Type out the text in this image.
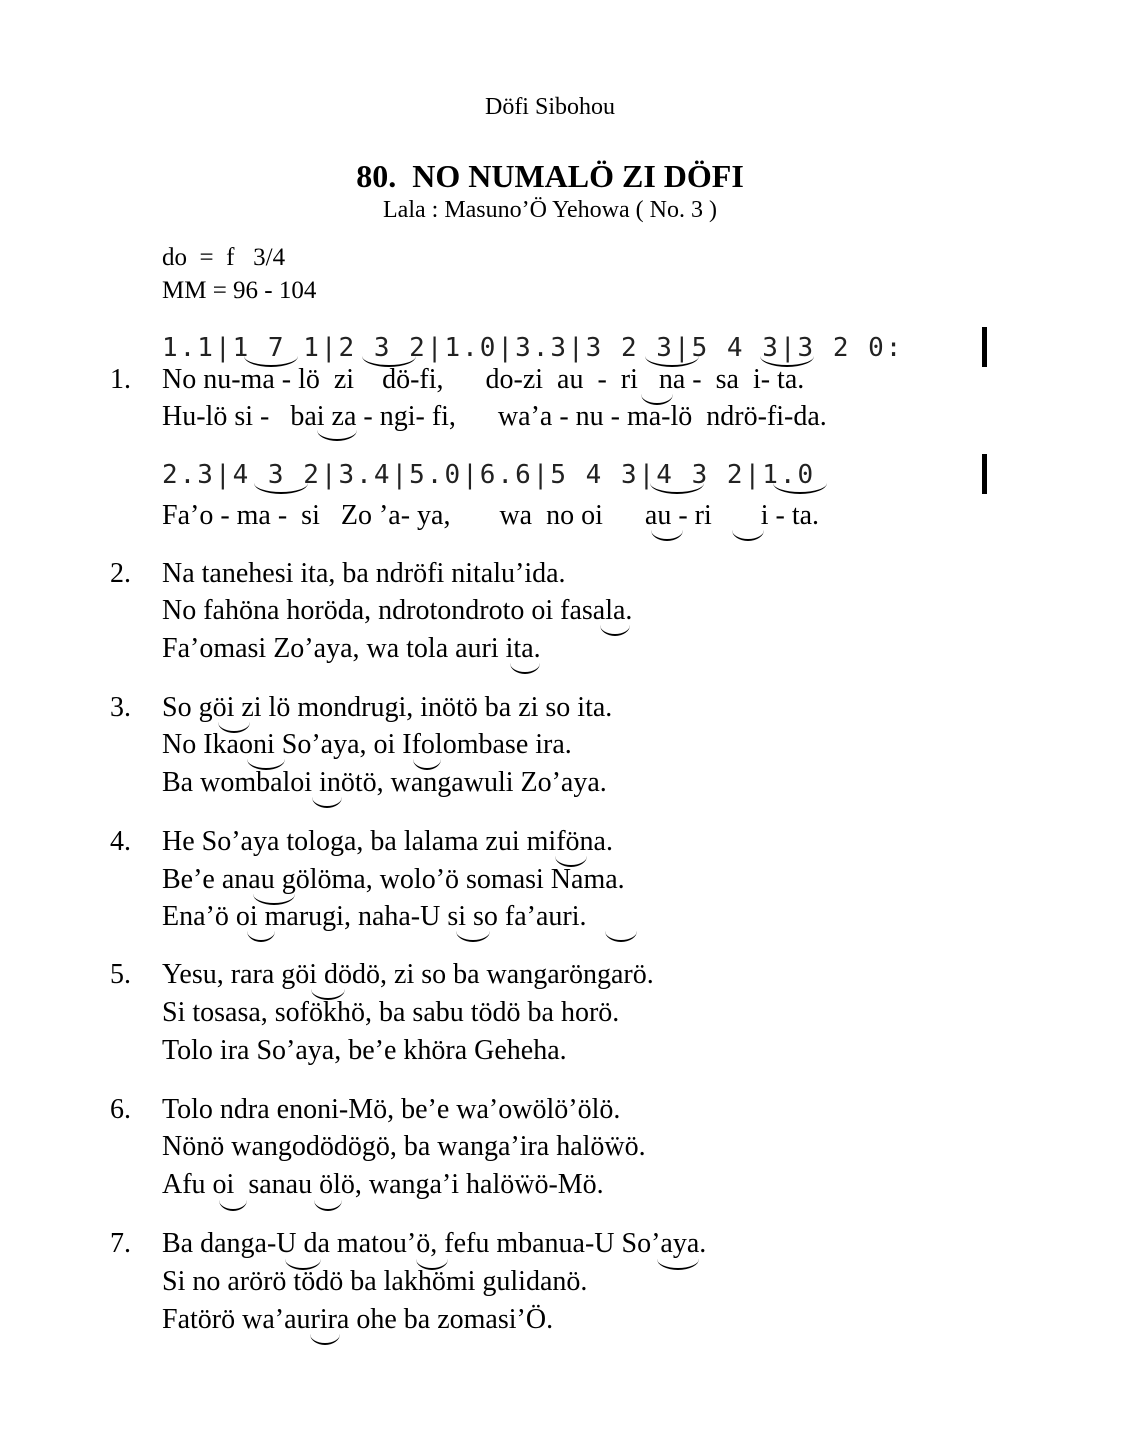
Döfi Sibohou
80.  NO NUMALÖ ZI DÖFI
Lala : Masuno’Ö Yehowa ( No. 3 )
do  =  f   3/4
MM = 96 - 104
1.1|1 7 1|2 3 2|1.0|3.3|3 2 3|5 4 3|3 2 0:
1. No nu-ma - lö  zi    dö-fi,      do-zi  au  -  ri   na -  sa  i- ta.
Hu-lö si -   bai za - ngi- fi,      wa’a - nu - ma-lö  ndrö-fi-da.
2.3|4 3 2|3.4|5.0|6.6|5 4 3|4 3 2|1.0
Fa’o - ma -  si   Zo ’a- ya,       wa  no oi      au - ri       i - ta.
2. Na tanehesi ita, ba ndröfi nitalu’ida.
No fahöna horöda, ndrotondroto oi fasala.
Fa’omasi Zo’aya, wa tola auri ita.
3. So göi zi lö mondrugi, inötö ba zi so ita.
No Ikaoni So’aya, oi Ifolombase ira.
Ba wombaloi inötö, wangawuli Zo’aya.
4. He So’aya tologa, ba lalama zui miföna.
Be’e anau gölöma, wolo’ö somasi Nama.
Ena’ö oi marugi, naha-U si so fa’auri.
5. Yesu, rara göi dödö, zi so ba wangaröngarö.
Si tosasa, sofökhö, ba sabu tödö ba horö.
Tolo ira So’aya, be’e khöra Geheha.
6. Tolo ndra enoni-Mö, be’e wa’owölö’ölö.
Nönö wangodödögö, ba wanga’ira halöẅö.
Afu oi  sanau ölö, wanga’i halöẅö-Mö.
7. Ba danga-U da matou’ö, fefu mbanua-U So’aya.
Si no arörö tödö ba lakhömi gulidanö.
Fatörö wa’aurira ohe ba zomasi’Ö.
